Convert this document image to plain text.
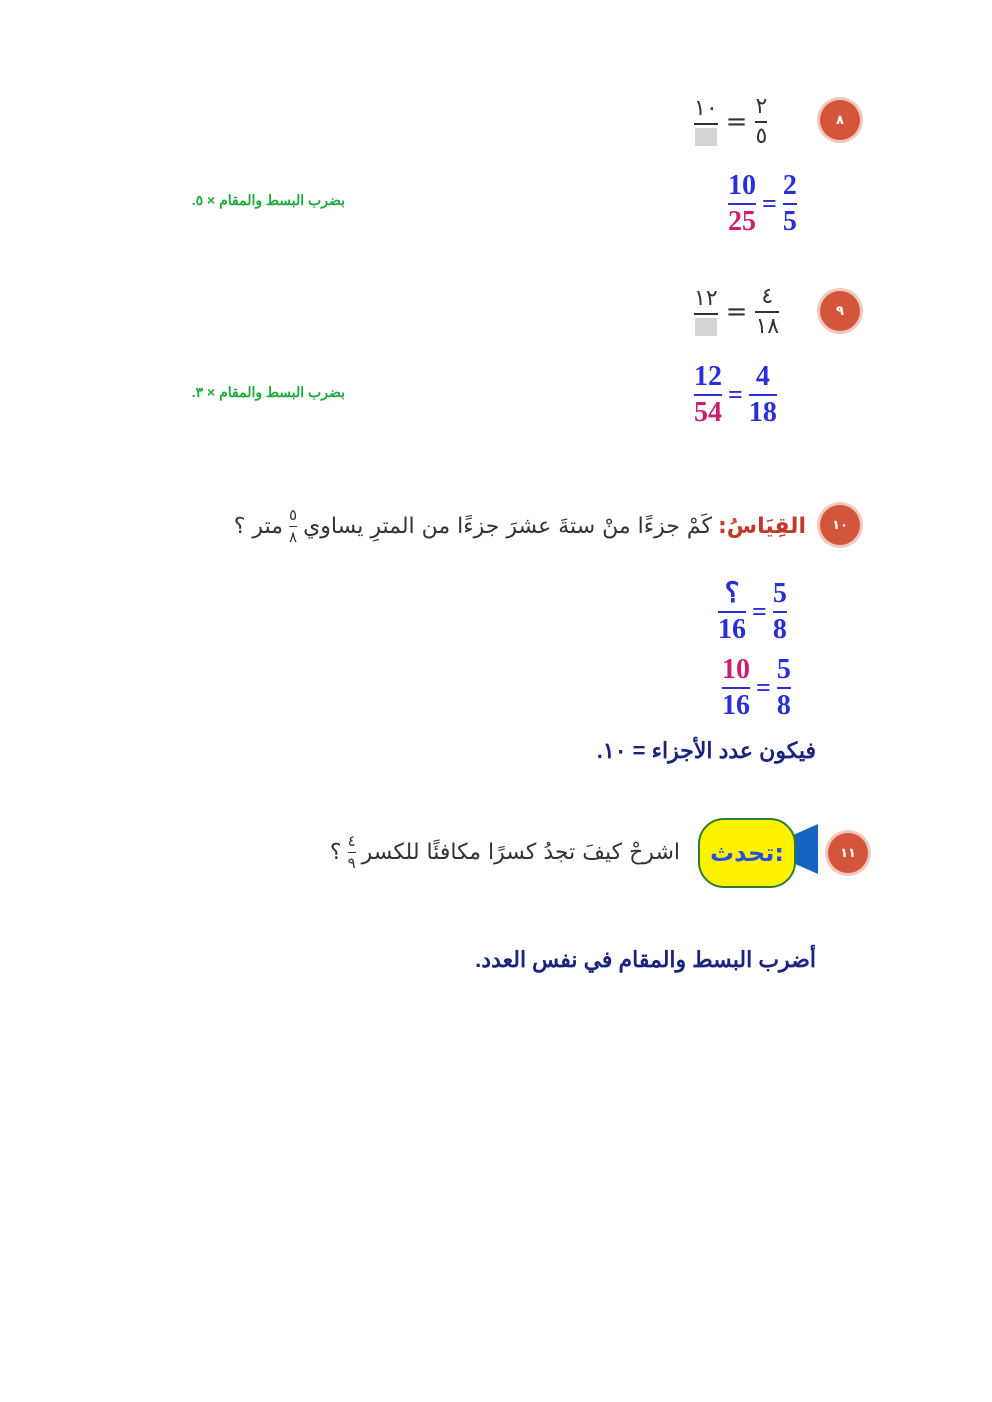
٨
١٠ = $\frac{٢}{٥}$
$\frac{10}{25} = \frac{2}{5}$
بضرب البسط والمقام × ٥.
٩
١٢ = $\frac{٤}{١٨}$
$\frac{12}{54} = \frac{4}{18}$
بضرب البسط والمقام × ٣.
١٠
القِيَاسُ:
كَمْ جزءًا منْ ستةَ عشرَ جزءًا من المترِ يساوي
$\frac{٥}{٨}$
متر ؟
$\frac{؟}{16} = \frac{5}{8}$
$\frac{10}{16} = \frac{5}{8}$
فيكون عدد الأجزاء = ١٠.
١١
تحدث:
اشرحْ كيفَ تجدُ كسرًا مكافئًا للكسر
$\frac{٤}{٩}$
؟
أضرب البسط والمقام في نفس العدد.
